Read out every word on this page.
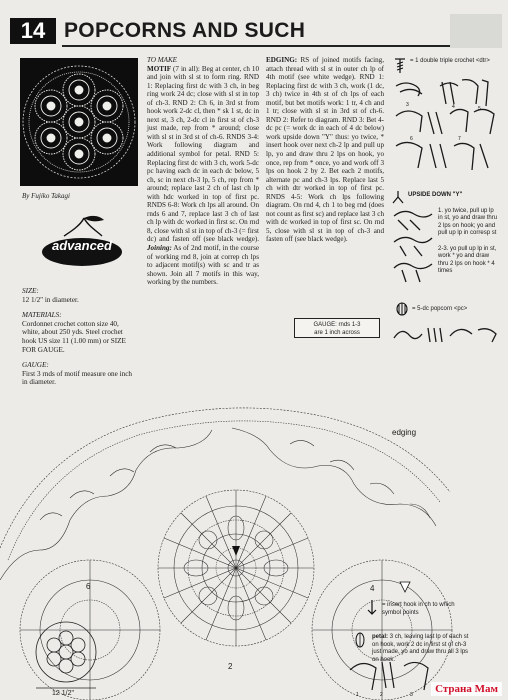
14 POPCORNS AND SUCH
By Fujiko Takagi
advanced

SIZE:

12 1/2" in diameter.

MATERIALS:

Cordonnet crochet cotton size 40, white, about 250 yds. Steel crochet hook US size 11 (1.00 mm) or SIZE FOR GAUGE.

GAUGE:

First 3 rnds of motif measure one inch in diameter.

TO MAKE
MOTIF (7 in all): Beg at center, ch 10 and join with sl st to form ring. RND 1: Replacing first dc with 3 ch, in beg ring work 24 dc; close with sl st in top of ch-3. RND 2: Ch 6, in 3rd st from hook work 2-dc cl, then * sk 1 st, dc in next st, 3 ch, 2-dc cl in first st of ch-3 just made, rep from * around; close with sl st in 3rd st of ch-6. RNDS 3-4: Work following diagram and additional symbol for petal. RND 5: Replacing first dc with 3 ch, work 5-dc pc having each dc in each dc below, 5 ch, sc in next ch-3 lp, 5 ch, rep from * around; replace last 2 ch of last ch lp with hdc worked in top of first pc. RNDS 6-8: Work ch lps all around. On rnds 6 and 7, replace last 3 ch of last ch lp with dc worked in first sc. On rnd 8, close with sl st in top of ch-3 (= first dc) and fasten off (see black wedge). Joining: As of 2nd motif, in the course of working rnd 8, join at correp ch lps to adjacent motif(s) with sc and tr as shown. Join all 7 motifs in this way, working by the numbers.
EDGING: RS of joined motifs facing, attach thread with sl st in outer ch lp of 4th motif (see white wedge). RND 1: Replacing first dc with 3 ch, work (1 dc, 3 ch) twice in 4th st of ch lps of each motif, but bet motifs work: 1 tr, 4 ch and 1 tr; close with sl st in 3rd st of ch-6. RND 2: Refer to diagram. RND 3: Bet 4-dc pc (= work dc in each of 4 dc below) work upside down "Y" thus: yo twice, * insert hook over next ch-2 lp and pull up lp, yo and draw thru 2 lps on hook, yo once, rep from * once, yo and work off 3 lps on hook 2 by 2. Bet each 2 motifs, alternate pc and ch-3 lps. Replace last 5 ch with dtr worked in top of first pc. RNDS 4-5: Work ch lps following diagram. On rnd 4, ch 1 to beg rnd (does not count as first sc) and replace last 3 ch with dc worked in top of first sc. On rnd 5, close with sl st in top of ch-3 and fasten off (see black wedge).
GAUGE: rnds 1-3
are 1 inch across
= 1 double triple crochet <dtr>
3	4	5
6	7
UPSIDE DOWN "Y"
1. yo twice, pull up lp in st, yo and draw thru 2 lps on hook; yo and pull up lp in corresp st
2-3. yo pull up lp in st, work * yo and draw thru 2 lps on hook * 4 times
= 5-dc popcorn <pc>
1	2	3
edging
2
4
6
12 1/2"
= insert hook in ch to which symbol points
petal: 3 ch, leaving last lp of each st on hook, work 2 dc in first st of ch-3 just made, yo and draw thru all 3 lps on hook.
Страна Мам
